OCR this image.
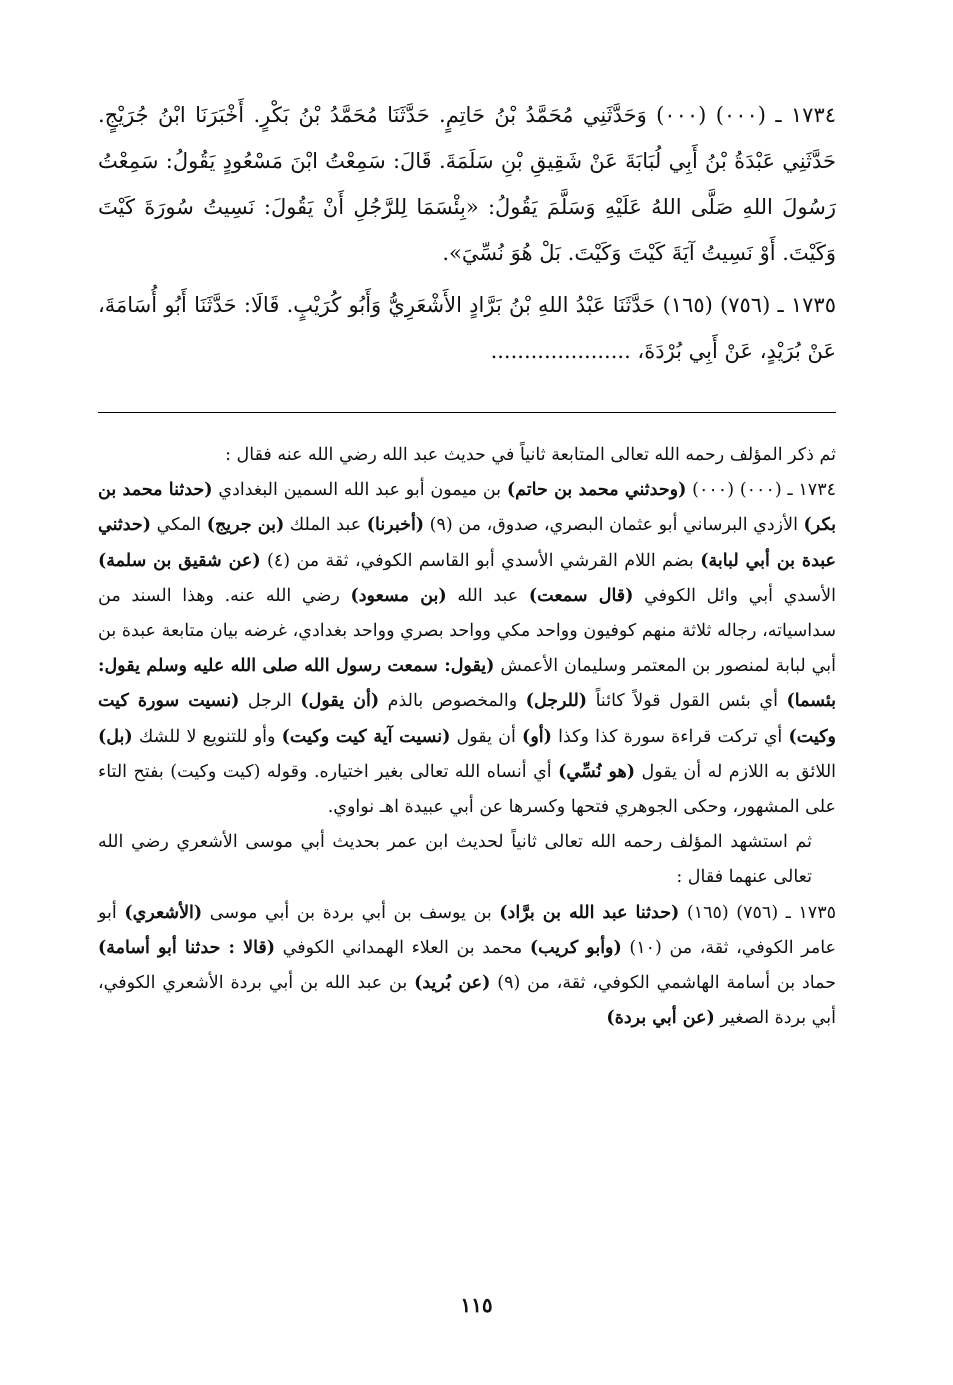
١٧٣٤ ـ (٠٠٠) (٠٠٠) وَحَدَّثَنِي مُحَمَّدُ بْنُ حَاتِمٍ. حَدَّثَنَا مُحَمَّدُ بْنُ بَكْرٍ. أَخْبَرَنَا ابْنُ جُرَيْجٍ. حَدَّثَنِي عَبْدَةُ بْنُ أَبِي لُبَابَةَ عَنْ شَقِيقِ بْنِ سَلَمَةَ. قَالَ: سَمِعْتُ ابْنَ مَسْعُودٍ يَقُولُ: سَمِعْتُ رَسُولَ اللهِ صَلَّى اللهُ عَلَيْهِ وَسَلَّمَ يَقُولُ: «بِئْسَمَا لِلرَّجُلِ أَنْ يَقُولَ: نَسِيتُ سُورَةَ كَيْتَ وَكَيْتَ. أَوْ نَسِيتُ آيَةَ كَيْتَ وَكَيْتَ. بَلْ هُوَ نُسِّيَ».

١٧٣٥ ـ (٧٥٦) (١٦٥) حَدَّثَنَا عَبْدُ اللهِ بْنُ بَرَّادٍ الأَشْعَرِيُّ وَأَبُو كُرَيْبٍ. قَالَا: حَدَّثَنَا أَبُو أُسَامَةَ، عَنْ بُرَيْدٍ، عَنْ أَبِي بُرْدَةَ، .....................

ثم ذكر المؤلف رحمه الله تعالى المتابعة ثانياً في حديث عبد الله رضي الله عنه فقال :

١٧٣٤ ـ (٠٠٠) (٠٠٠) (وحدثني محمد بن حاتم) بن ميمون أبو عبد الله السمين البغدادي (حدثنا محمد بن بكر) الأزدي البرساني أبو عثمان البصري، صدوق، من (٩) (أخبرنا) عبد الملك (بن جريج) المكي (حدثني عبدة بن أبي لبابة) بضم اللام القرشي الأسدي أبو القاسم الكوفي، ثقة من (٤) (عن شقيق بن سلمة) الأسدي أبي وائل الكوفي (قال سمعت) عبد الله (بن مسعود) رضي الله عنه. وهذا السند من سداسياته، رجاله ثلاثة منهم كوفيون وواحد مكي وواحد بصري وواحد بغدادي، غرضه بيان متابعة عبدة بن أبي لبابة لمنصور بن المعتمر وسليمان الأعمش (يقول: سمعت رسول الله صلى الله عليه وسلم يقول: بئسما) أي بئس القول قولاً كائناً (للرجل) والمخصوص بالذم (أن يقول) الرجل (نسيت سورة كيت وكيت) أي تركت قراءة سورة كذا وكذا (أو) أن يقول (نسيت آية كيت وكيت) وأو للتنويع لا للشك (بل) اللائق به اللازم له أن يقول (هو نُسِّي) أي أنساه الله تعالى بغير اختياره. وقوله (كيت وكيت) بفتح التاء على المشهور، وحكى الجوهري فتحها وكسرها عن أبي عبيدة اهـ نواوي.

ثم استشهد المؤلف رحمه الله تعالى ثانياً لحديث ابن عمر بحديث أبي موسى الأشعري رضي الله تعالى عنهما فقال :

١٧٣٥ ـ (٧٥٦) (١٦٥) (حدثنا عبد الله بن برَّاد) بن يوسف بن أبي بردة بن أبي موسى (الأشعري) أبو عامر الكوفي، ثقة، من (١٠) (وأبو كريب) محمد بن العلاء الهمداني الكوفي (قالا : حدثنا أبو أسامة) حماد بن أسامة الهاشمي الكوفي، ثقة، من (٩) (عن بُريد) بن عبد الله بن أبي بردة الأشعري الكوفي، أبي بردة الصغير (عن أبي بردة)

١١٥
